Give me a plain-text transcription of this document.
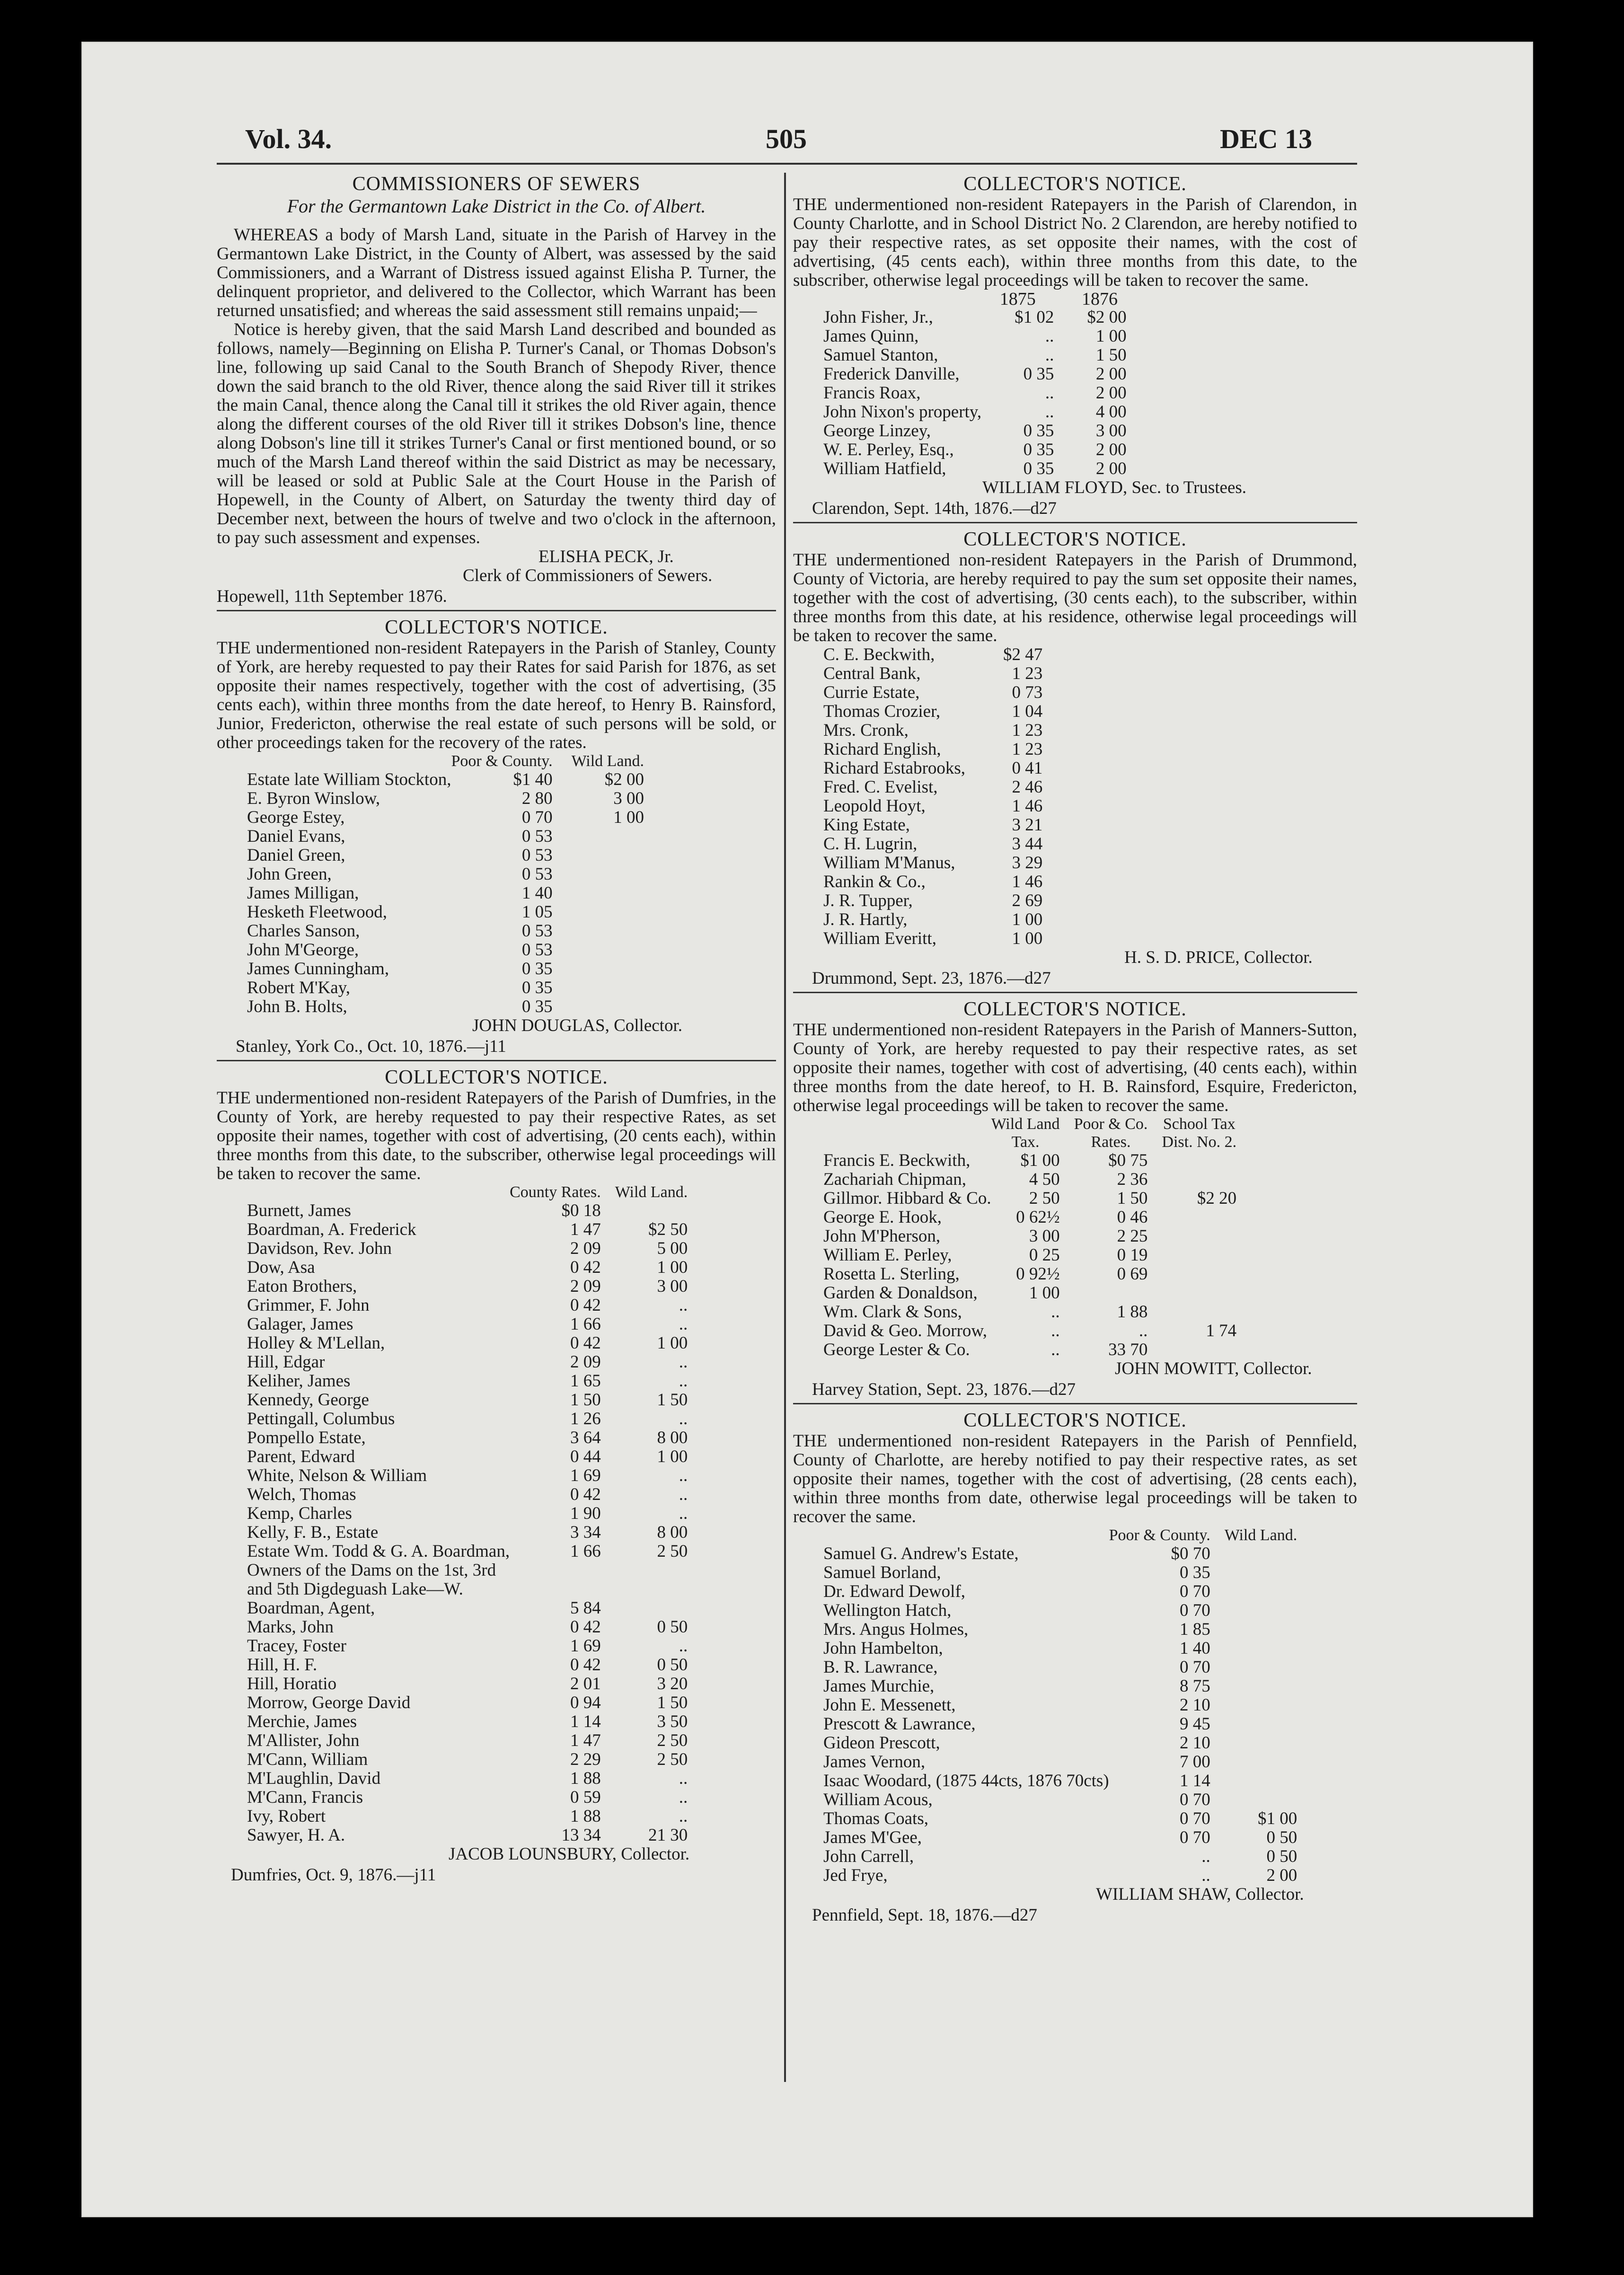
Vol. 34.	505	DEC 13
COMMISSIONERS OF SEWERS
For the Germantown Lake District in the Co. of Albert.

WHEREAS a body of Marsh Land, situate in the Parish of Harvey in the Germantown Lake District, in the County of Albert, was assessed by the said Commissioners, and a Warrant of Distress issued against Elisha P. Turner, the delinquent proprietor, and delivered to the Collector, which Warrant has been returned unsatisfied; and whereas the said assessment still remains unpaid;—

Notice is hereby given, that the said Marsh Land described and bounded as follows, namely—Beginning on Elisha P. Turner's Canal, or Thomas Dobson's line, following up said Canal to the South Branch of Shepody River, thence down the said branch to the old River, thence along the said River till it strikes the main Canal, thence along the Canal till it strikes the old River again, thence along the different courses of the old River till it strikes Dobson's line, thence along Dobson's line till it strikes Turner's Canal or first mentioned bound, or so much of the Marsh Land thereof within the said District as may be necessary, will be leased or sold at Public Sale at the Court House in the Parish of Hopewell, in the County of Albert, on Saturday the twenty third day of December next, between the hours of twelve and two o'clock in the afternoon, to pay such assessment and expenses.

ELISHA PECK, Jr.
Clerk of Commissioners of Sewers.
Hopewell, 11th September 1876.
COLLECTOR'S NOTICE.

THE undermentioned non-resident Ratepayers in the Parish of Stanley, County of York, are hereby requested to pay their Rates for said Parish for 1876, as set opposite their names respectively, together with the cost of advertising, (35 cents each), within three months from the date hereof, to Henry B. Rainsford, Junior, Fredericton, otherwise the real estate of such persons will be sold, or other proceedings taken for the recovery of the rates.

	Poor & County.	Wild Land.
Estate late William Stockton,	$1 40	$2 00
E. Byron Winslow,	2 80	3 00
George Estey,	0 70	1 00
Daniel Evans,	0 53	
Daniel Green,	0 53	
John Green,	0 53	
James Milligan,	1 40	
Hesketh Fleetwood,	1 05	
Charles Sanson,	0 53	
John M'George,	0 53	
James Cunningham,	0 35	
Robert M'Kay,	0 35	
John B. Holts,	0 35	
JOHN DOUGLAS, Collector.
Stanley, York Co., Oct. 10, 1876.—j11
COLLECTOR'S NOTICE.

THE undermentioned non-resident Ratepayers of the Parish of Dumfries, in the County of York, are hereby requested to pay their respective Rates, as set opposite their names, together with cost of advertising, (20 cents each), within three months from this date, to the subscriber, otherwise legal proceedings will be taken to recover the same.

	County Rates.	Wild Land.
Burnett, James	$0 18	
Boardman, A. Frederick	1 47	$2 50
Davidson, Rev. John	2 09	5 00
Dow, Asa	0 42	1 00
Eaton Brothers,	2 09	3 00
Grimmer, F. John	0 42	..
Galager, James	1 66	..
Holley & M'Lellan,	0 42	1 00
Hill, Edgar	2 09	..
Keliher, James	1 65	..
Kennedy, George	1 50	1 50
Pettingall, Columbus	1 26	..
Pompello Estate,	3 64	8 00
Parent, Edward	0 44	1 00
White, Nelson & William	1 69	..
Welch, Thomas	0 42	..
Kemp, Charles	1 90	..
Kelly, F. B., Estate	3 34	8 00
Estate Wm. Todd & G. A. Boardman,	1 66	2 50
Owners of the Dams on the 1st, 3rd		
and 5th Digdeguash Lake—W.		
Boardman, Agent,	5 84	
Marks, John	0 42	0 50
Tracey, Foster	1 69	..
Hill, H. F.	0 42	0 50
Hill, Horatio	2 01	3 20
Morrow, George David	0 94	1 50
Merchie, James	1 14	3 50
M'Allister, John	1 47	2 50
M'Cann, William	2 29	2 50
M'Laughlin, David	1 88	..
M'Cann, Francis	0 59	..
Ivy, Robert	1 88	..
Sawyer, H. A.	13 34	21 30
JACOB LOUNSBURY, Collector.
Dumfries, Oct. 9, 1876.—j11
COLLECTOR'S NOTICE.

THE undermentioned non-resident Ratepayers in the Parish of Clarendon, in County Charlotte, and in School District No. 2 Clarendon, are hereby notified to pay their respective rates, as set opposite their names, with the cost of advertising, (45 cents each), within three months from this date, to the subscriber, otherwise legal proceedings will be taken to recover the same.

	1875	1876
John Fisher, Jr.,	$1 02	$2 00
James Quinn,	..	1 00
Samuel Stanton,	..	1 50
Frederick Danville,	0 35	2 00
Francis Roax,	..	2 00
John Nixon's property,	..	4 00
George Linzey,	0 35	3 00
W. E. Perley, Esq.,	0 35	2 00
William Hatfield,	0 35	2 00
WILLIAM FLOYD, Sec. to Trustees.
Clarendon, Sept. 14th, 1876.—d27
COLLECTOR'S NOTICE.

THE undermentioned non-resident Ratepayers in the Parish of Drummond, County of Victoria, are hereby required to pay the sum set opposite their names, together with the cost of advertising, (30 cents each), to the subscriber, within three months from this date, at his residence, otherwise legal proceedings will be taken to recover the same.

C. E. Beckwith,	$2 47
Central Bank,	1 23
Currie Estate,	0 73
Thomas Crozier,	1 04
Mrs. Cronk,	1 23
Richard English,	1 23
Richard Estabrooks,	0 41
Fred. C. Evelist,	2 46
Leopold Hoyt,	1 46
King Estate,	3 21
C. H. Lugrin,	3 44
William M'Manus,	3 29
Rankin & Co.,	1 46
J. R. Tupper,	2 69
J. R. Hartly,	1 00
William Everitt,	1 00
H. S. D. PRICE, Collector.
Drummond, Sept. 23, 1876.—d27
COLLECTOR'S NOTICE.

THE undermentioned non-resident Ratepayers in the Parish of Manners-Sutton, County of York, are hereby requested to pay their respective rates, as set opposite their names, together with cost of advertising, (40 cents each), within three months from the date hereof, to H. B. Rainsford, Esquire, Fredericton, otherwise legal proceedings will be taken to recover the same.

	Wild Land	Poor & Co.	School Tax
	Tax.	Rates.	Dist. No. 2.
Francis E. Beckwith,	$1 00	$0 75	
Zachariah Chipman,	4 50	2 36	
Gillmor. Hibbard & Co.	2 50	1 50	$2 20
George E. Hook,	0 62½	0 46	
John M'Pherson,	3 00	2 25	
William E. Perley,	0 25	0 19	
Rosetta L. Sterling,	0 92½	0 69	
Garden & Donaldson,	1 00		
Wm. Clark & Sons,	..	1 88	
David & Geo. Morrow,	..	..	1 74
George Lester & Co.	..	33 70	
JOHN MOWITT, Collector.
Harvey Station, Sept. 23, 1876.—d27
COLLECTOR'S NOTICE.

THE undermentioned non-resident Ratepayers in the Parish of Pennfield, County of Charlotte, are hereby notified to pay their respective rates, as set opposite their names, together with the cost of advertising, (28 cents each), within three months from date, otherwise legal proceedings will be taken to recover the same.

	Poor & County.	Wild Land.
Samuel G. Andrew's Estate,	$0 70	
Samuel Borland,	0 35	
Dr. Edward Dewolf,	0 70	
Wellington Hatch,	0 70	
Mrs. Angus Holmes,	1 85	
John Hambelton,	1 40	
B. R. Lawrance,	0 70	
James Murchie,	8 75	
John E. Messenett,	2 10	
Prescott & Lawrance,	9 45	
Gideon Prescott,	2 10	
James Vernon,	7 00	
Isaac Woodard, (1875 44cts, 1876 70cts)	1 14	
William Acous,	0 70	
Thomas Coats,	0 70	$1 00
James M'Gee,	0 70	0 50
John Carrell,	..	0 50
Jed Frye,	..	2 00
WILLIAM SHAW, Collector.
Pennfield, Sept. 18, 1876.—d27
